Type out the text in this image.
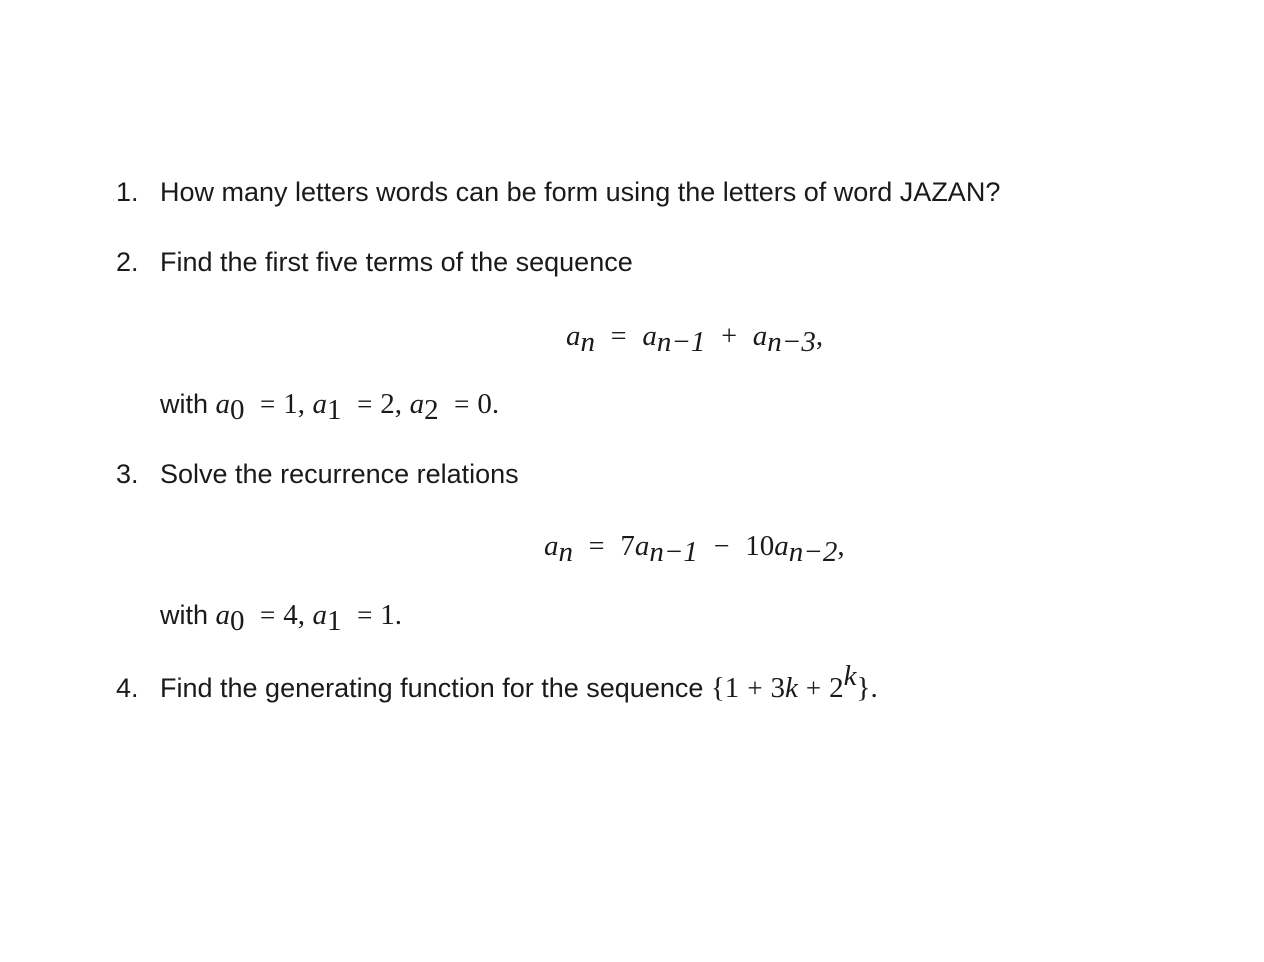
1. How many letters words can be form using the letters of word JAZAN?
2. Find the first five terms of the sequence
$a_n = a_{n-1} + a_{n-3}$,
with $a_0 = 1$, $a_1 = 2$, $a_2 = 0$.
3. Solve the recurrence relations
$a_n = 7a_{n-1} - 10a_{n-2}$,
with $a_0 = 4$, $a_1 = 1$.
4. Find the generating function for the sequence $\{1 + 3k + 2^k\}$.
